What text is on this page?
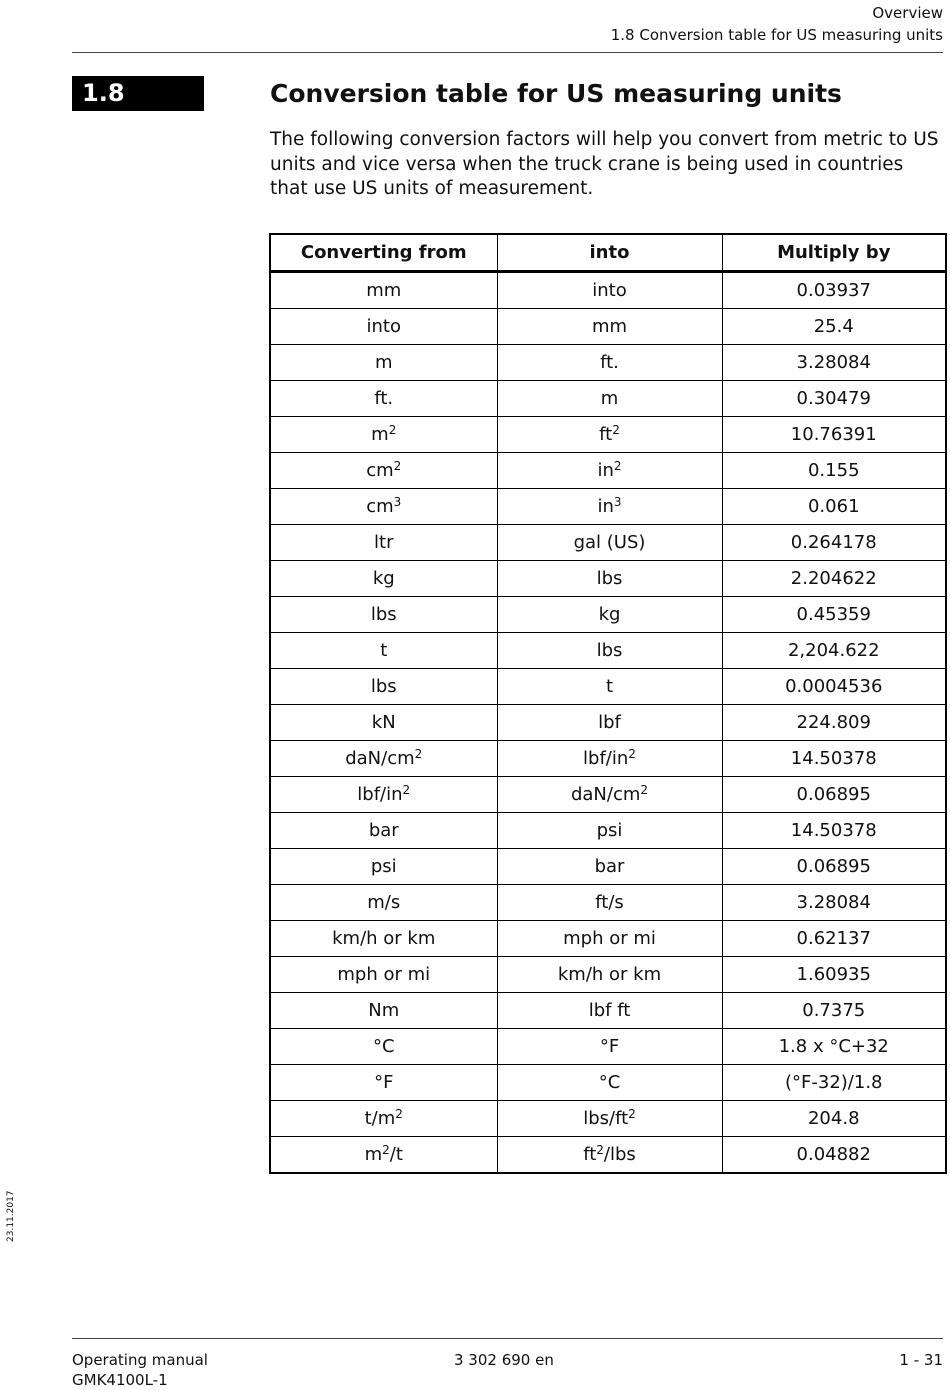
Overview
1.8 Conversion table for US measuring units
1.8	Conversion table for US measuring units

The following conversion factors will help you convert from metric to US units and vice versa when the truck crane is being used in countries that use US units of measurement.

Converting from	into	Multiply by
mm	into	0.03937
into	mm	25.4
m	ft.	3.28084
ft.	m	0.30479
$m^2$	$ft^2$	10.76391
$cm^2$	$in^2$	0.155
$cm^3$	$in^3$	0.061
ltr	gal (US)	0.264178
kg	lbs	2.204622
lbs	kg	0.45359
t	lbs	2,204.622
lbs	t	0.0004536
kN	lbf	224.809
daN/$cm^2$	lbf/$in^2$	14.50378
lbf/$in^2$	daN/$cm^2$	0.06895
bar	psi	14.50378
psi	bar	0.06895
m/s	ft/s	3.28084
km/h or km	mph or mi	0.62137
mph or mi	km/h or km	1.60935
Nm	lbf ft	0.7375
°C	°F	1.8 x °C+32
°F	°C	(°F-32)/1.8
$t/m^2$	lbs/$ft^2$	204.8
$m^2/t$	$ft^2$/lbs	0.04882
23.11.2017
Operating manual
GMK4100L-1
3 302 690 en	1 - 31
